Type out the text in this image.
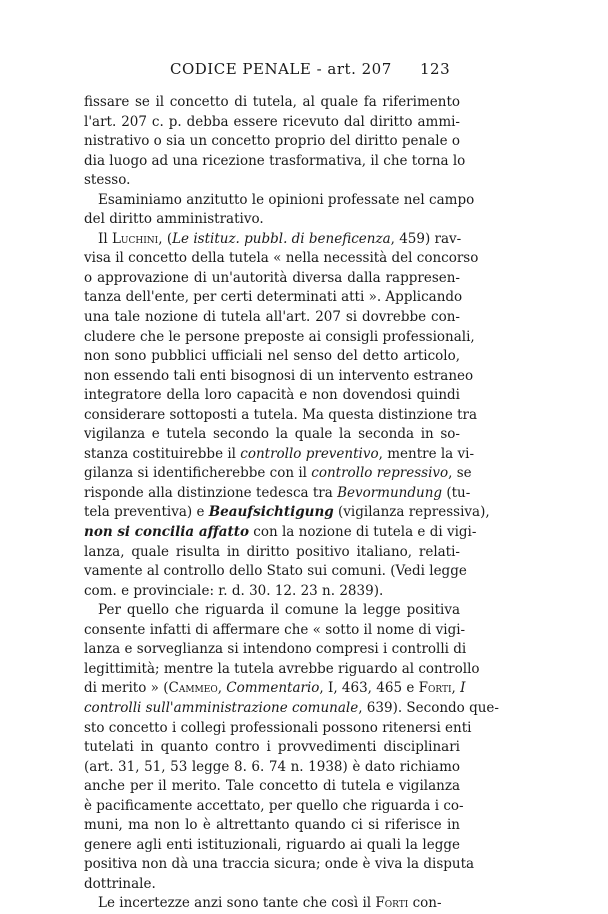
CODICE PENALE - art. 207 123
fissare se il concetto di tutela, al quale fa riferimento
l'art. 207 c. p. debba essere ricevuto dal diritto ammi-
nistrativo o sia un concetto proprio del diritto penale o
dia luogo ad una ricezione trasformativa, il che torna lo
stesso.
Esaminiamo anzitutto le opinioni professate nel campo
del diritto amministrativo.
Il Luchini, (Le istituz. pubbl. di beneficenza, 459) rav-
visa il concetto della tutela « nella necessità del concorso
o approvazione di un'autorità diversa dalla rappresen-
tanza dell'ente, per certi determinati atti ». Applicando
una tale nozione di tutela all'art. 207 si dovrebbe con-
cludere che le persone preposte ai consigli professionali,
non sono pubblici ufficiali nel senso del detto articolo,
non essendo tali enti bisognosi di un intervento estraneo
integratore della loro capacità e non dovendosi quindi
considerare sottoposti a tutela. Ma questa distinzione tra
vigilanza e tutela secondo la quale la seconda in so-
stanza costituirebbe il controllo preventivo, mentre la vi-
gilanza si identificherebbe con il controllo repressivo, se
risponde alla distinzione tedesca tra Bevormundung (tu-
tela preventiva) e Beaufsichtigung (vigilanza repressiva),
non si concilia affatto con la nozione di tutela e di vigi-
lanza, quale risulta in diritto positivo italiano, relati-
vamente al controllo dello Stato sui comuni. (Vedi legge
com. e provinciale: r. d. 30. 12. 23 n. 2839).
Per quello che riguarda il comune la legge positiva
consente infatti di affermare che « sotto il nome di vigi-
lanza e sorveglianza si intendono compresi i controlli di
legittimità; mentre la tutela avrebbe riguardo al controllo
di merito » (Cammeo, Commentario, I, 463, 465 e Forti, I
controlli sull'amministrazione comunale, 639). Secondo que-
sto concetto i collegi professionali possono ritenersi enti
tutelati in quanto contro i provvedimenti disciplinari
(art. 31, 51, 53 legge 8. 6. 74 n. 1938) è dato richiamo
anche per il merito. Tale concetto di tutela e vigilanza
è pacificamente accettato, per quello che riguarda i co-
muni, ma non lo è altrettanto quando ci si riferisce in
genere agli enti istituzionali, riguardo ai quali la legge
positiva non dà una traccia sicura; onde è viva la disputa
dottrinale.
Le incertezze anzi sono tante che così il Forti con-
